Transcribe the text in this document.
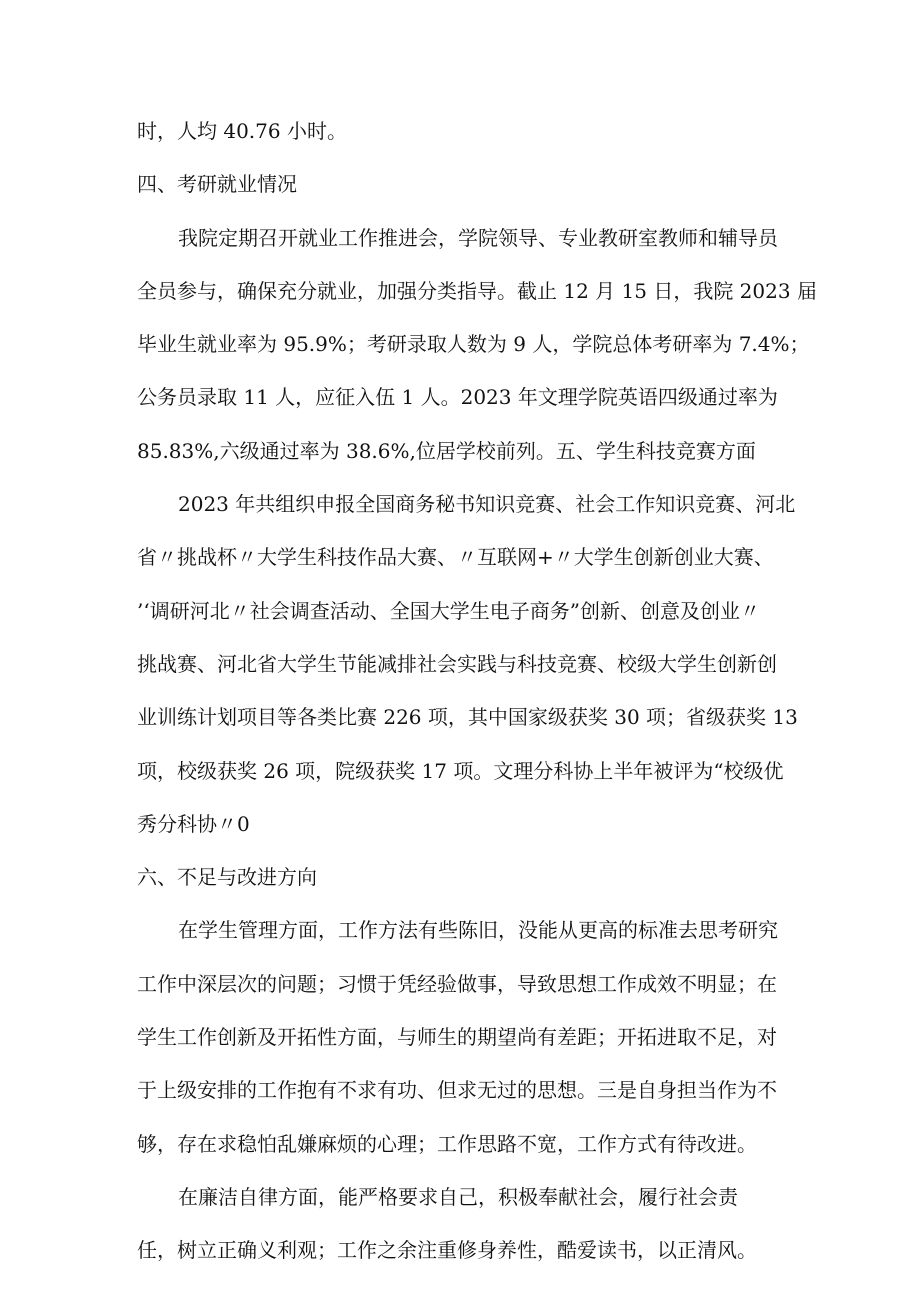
时，人均 40.76 小时。
四、考研就业情况
我院定期召开就业工作推进会，学院领导、专业教研室教师和辅导员
全员参与，确保充分就业，加强分类指导。截止 12 月 15 日，我院 2023 届
毕业生就业率为 95.9%；考研录取人数为 9 人，学院总体考研率为 7.4%；
公务员录取 11 人，应征入伍 1 人。2023 年文理学院英语四级通过率为
85.83%,六级通过率为 38.6%,位居学校前列。五、学生科技竞赛方面
2023 年共组织申报全国商务秘书知识竞赛、社会工作知识竞赛、河北
省〃挑战杯〃大学生科技作品大赛、〃互联网+〃大学生创新创业大赛、
’‘调研河北〃社会调查活动、全国大学生电子商务”创新、创意及创业〃
挑战赛、河北省大学生节能减排社会实践与科技竞赛、校级大学生创新创
业训练计划项目等各类比赛 226 项，其中国家级获奖 30 项；省级获奖 13
项，校级获奖 26 项，院级获奖 17 项。文理分科协上半年被评为“校级优
秀分科协〃0
六、不足与改进方向
在学生管理方面，工作方法有些陈旧，没能从更高的标准去思考研究
工作中深层次的问题；习惯于凭经验做事，导致思想工作成效不明显；在
学生工作创新及开拓性方面，与师生的期望尚有差距；开拓进取不足，对
于上级安排的工作抱有不求有功、但求无过的思想。三是自身担当作为不
够，存在求稳怕乱嫌麻烦的心理；工作思路不宽，工作方式有待改进。
在廉洁自律方面，能严格要求自己，积极奉献社会，履行社会责
任，树立正确义利观；工作之余注重修身养性，酷爱读书，以正清风。
